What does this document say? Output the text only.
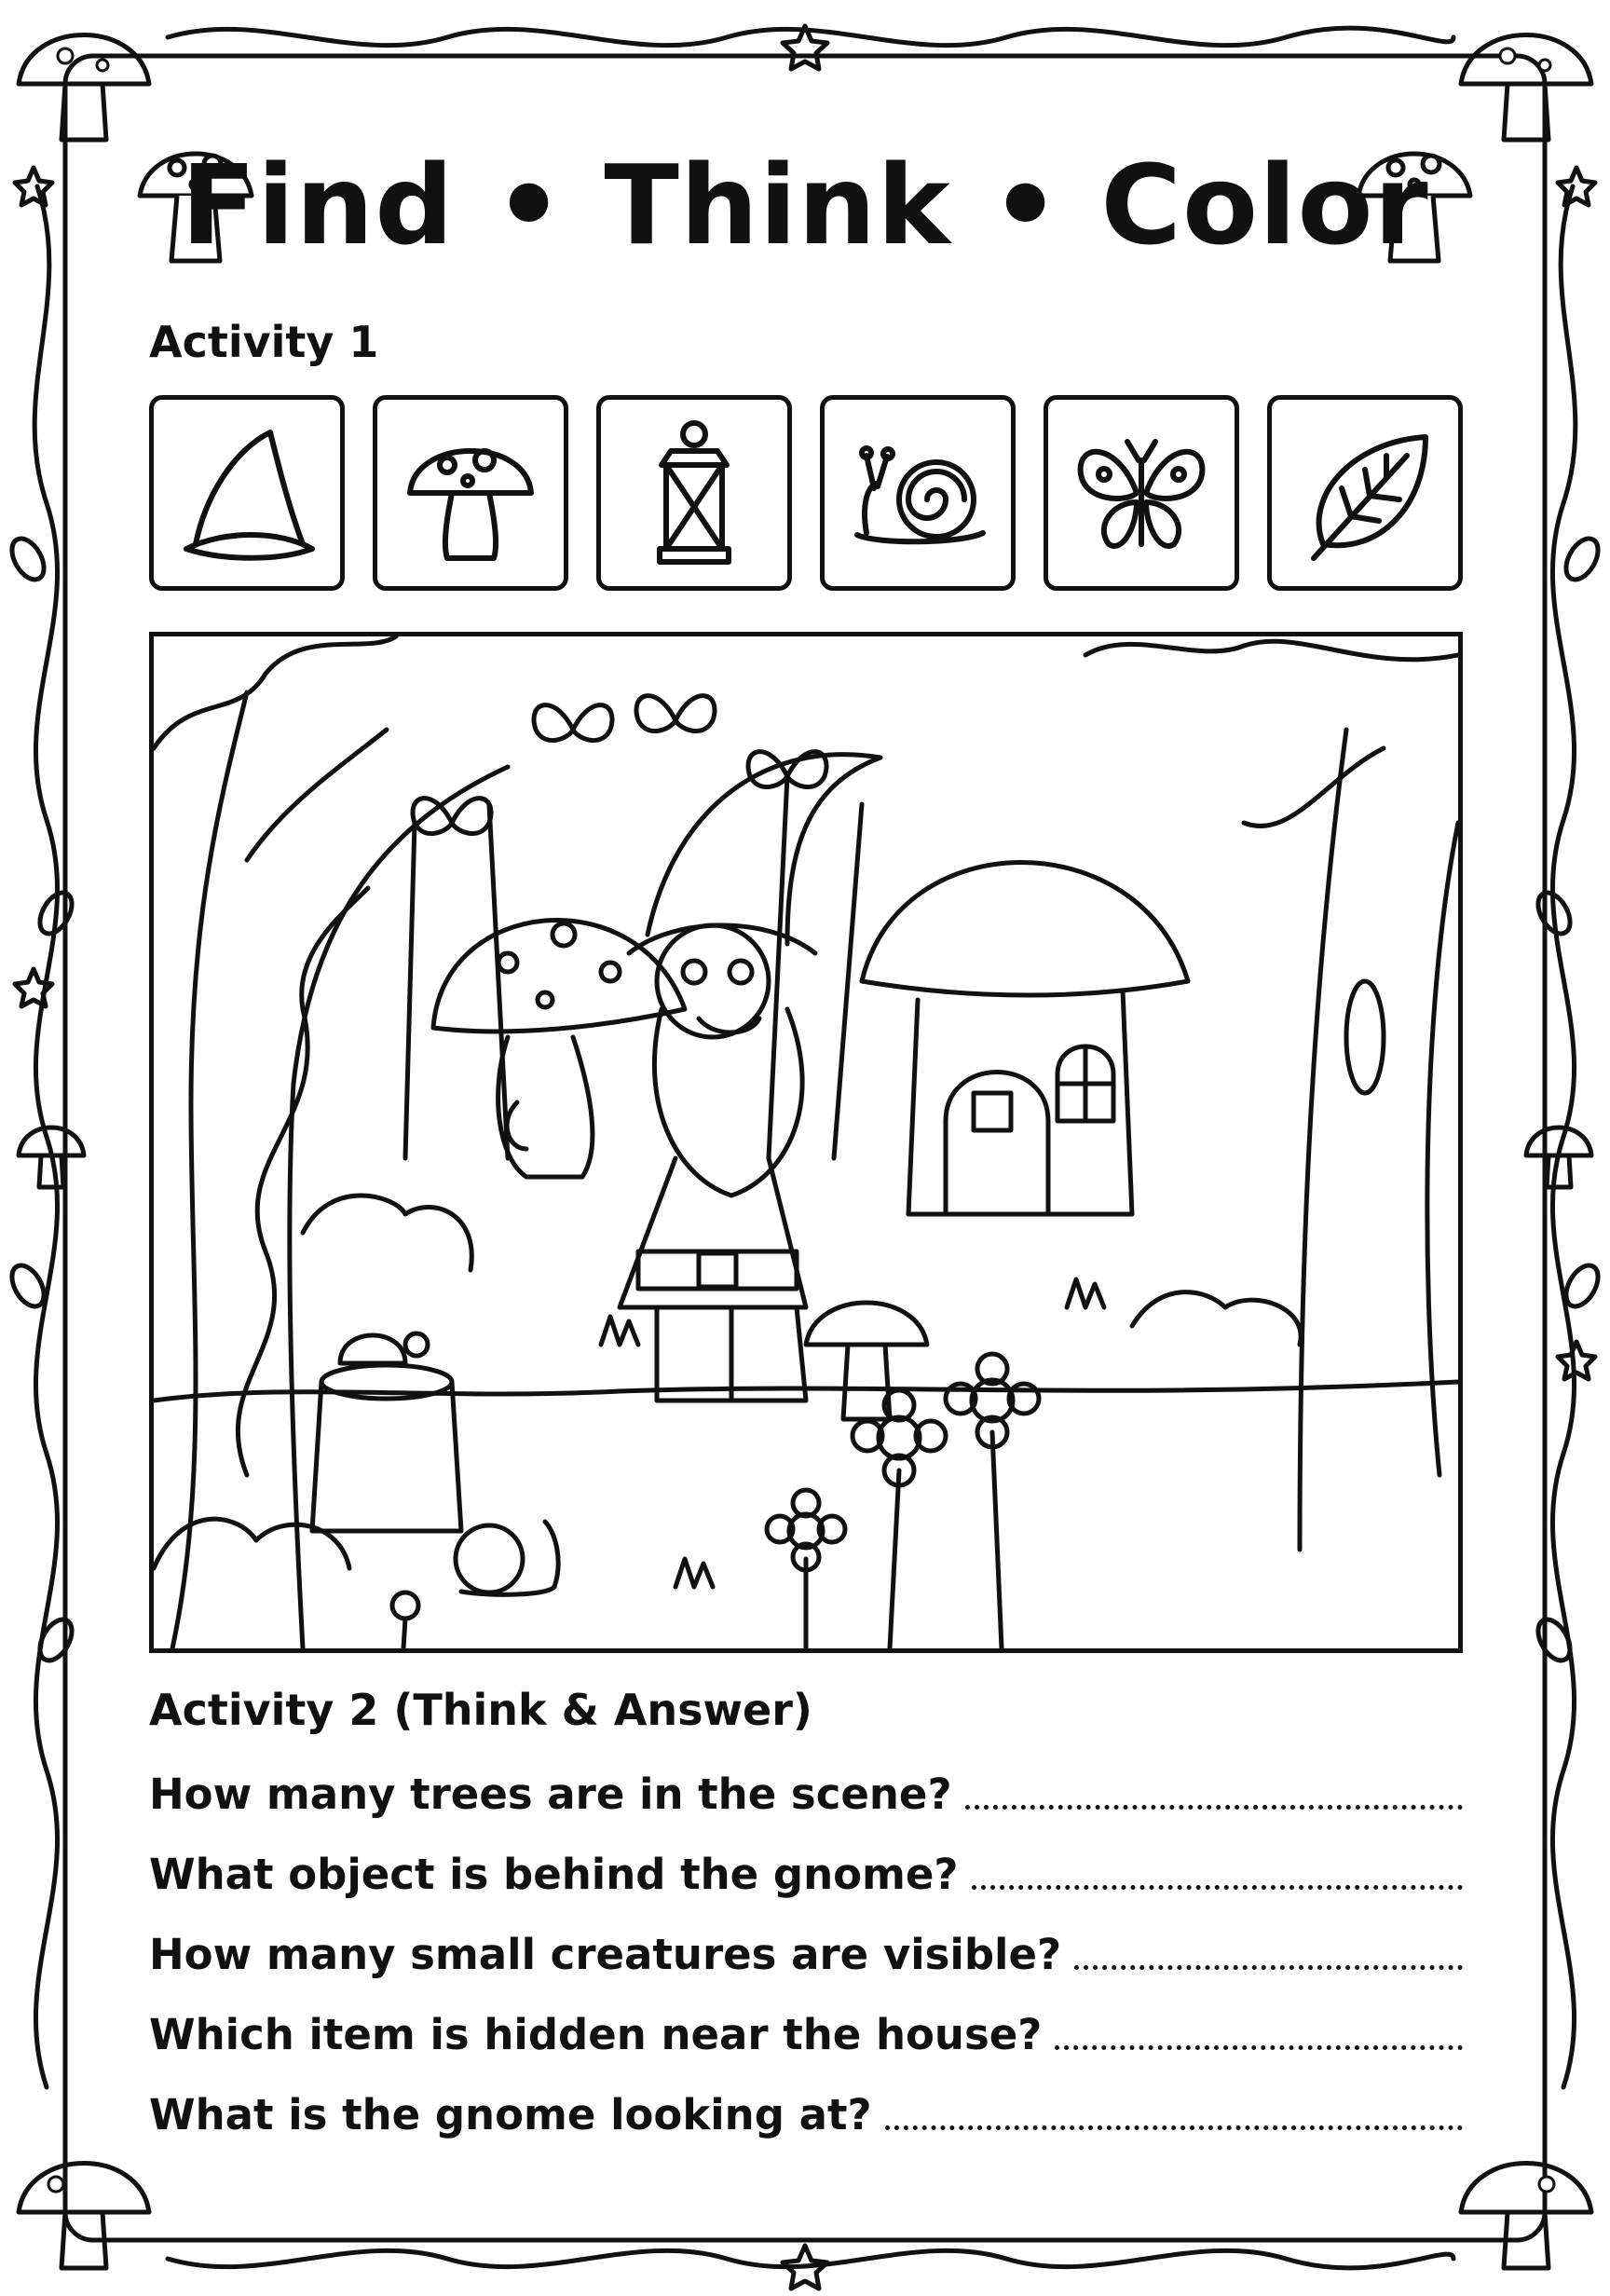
Find • Think • Color
Activity 1
Activity 2 (Think & Answer)
How many trees are in the scene?
What object is behind the gnome?
How many small creatures are visible?
Which item is hidden near the house?
What is the gnome looking at?
